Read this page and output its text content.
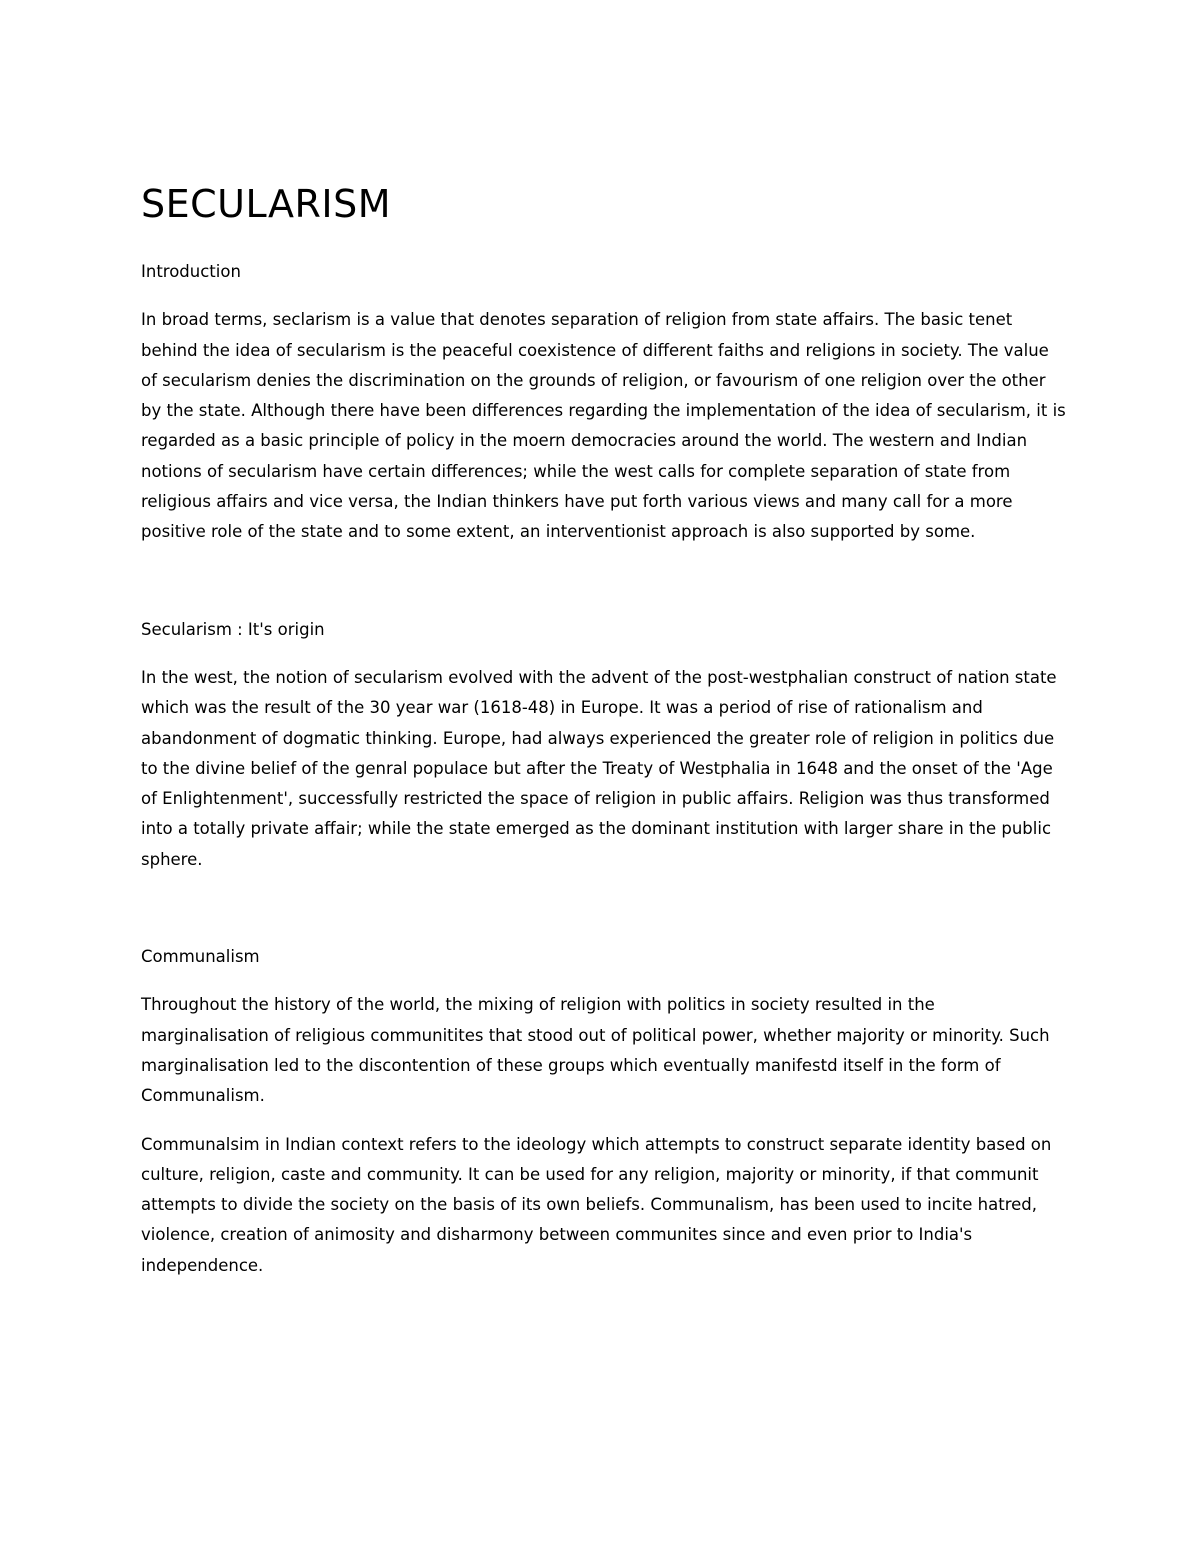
SECULARISM
Introduction

In broad terms, seclarism is a value that denotes separation of religion from state affairs. The basic tenet behind the idea of secularism is the peaceful coexistence of different faiths and religions in society. The value of secularism denies the discrimination on the grounds of religion, or favourism of one religion over the other by the state. Although there have been differences regarding the implementation of the idea of secularism, it is regarded as a basic principle of policy in the moern democracies around the world. The western and Indian notions of secularism have certain differences; while the west calls for complete separation of state from religious affairs and vice versa, the Indian thinkers have put forth various views and many call for a more positive role of the state and to some extent, an interventionist approach is also supported by some.

Secularism : It's origin

In the west, the notion of secularism evolved with the advent of the post-westphalian construct of nation state which was the result of the 30 year war (1618-48) in Europe. It was a period of rise of rationalism and abandonment of dogmatic thinking. Europe, had always experienced the greater role of religion in politics due to the divine belief of the genral populace but after the Treaty of Westphalia in 1648 and the onset of the 'Age of Enlightenment', successfully restricted the space of religion in public affairs. Religion was thus transformed into a totally private affair; while the state emerged as the dominant institution with larger share in the public sphere.

Communalism

Throughout the history of the world, the mixing of religion with politics in society resulted in the marginalisation of religious communitites that stood out of political power, whether majority or minority. Such marginalisation led to the discontention of these groups which eventually manifestd itself in the form of Communalism.

Communalsim in Indian context refers to the ideology which attempts to construct separate identity based on culture, religion, caste and community. It can be used for any religion, majority or minority, if that communit attempts to divide the society on the basis of its own beliefs. Communalism, has been used to incite hatred, violence, creation of animosity and disharmony between communites since and even prior to India's independence.
